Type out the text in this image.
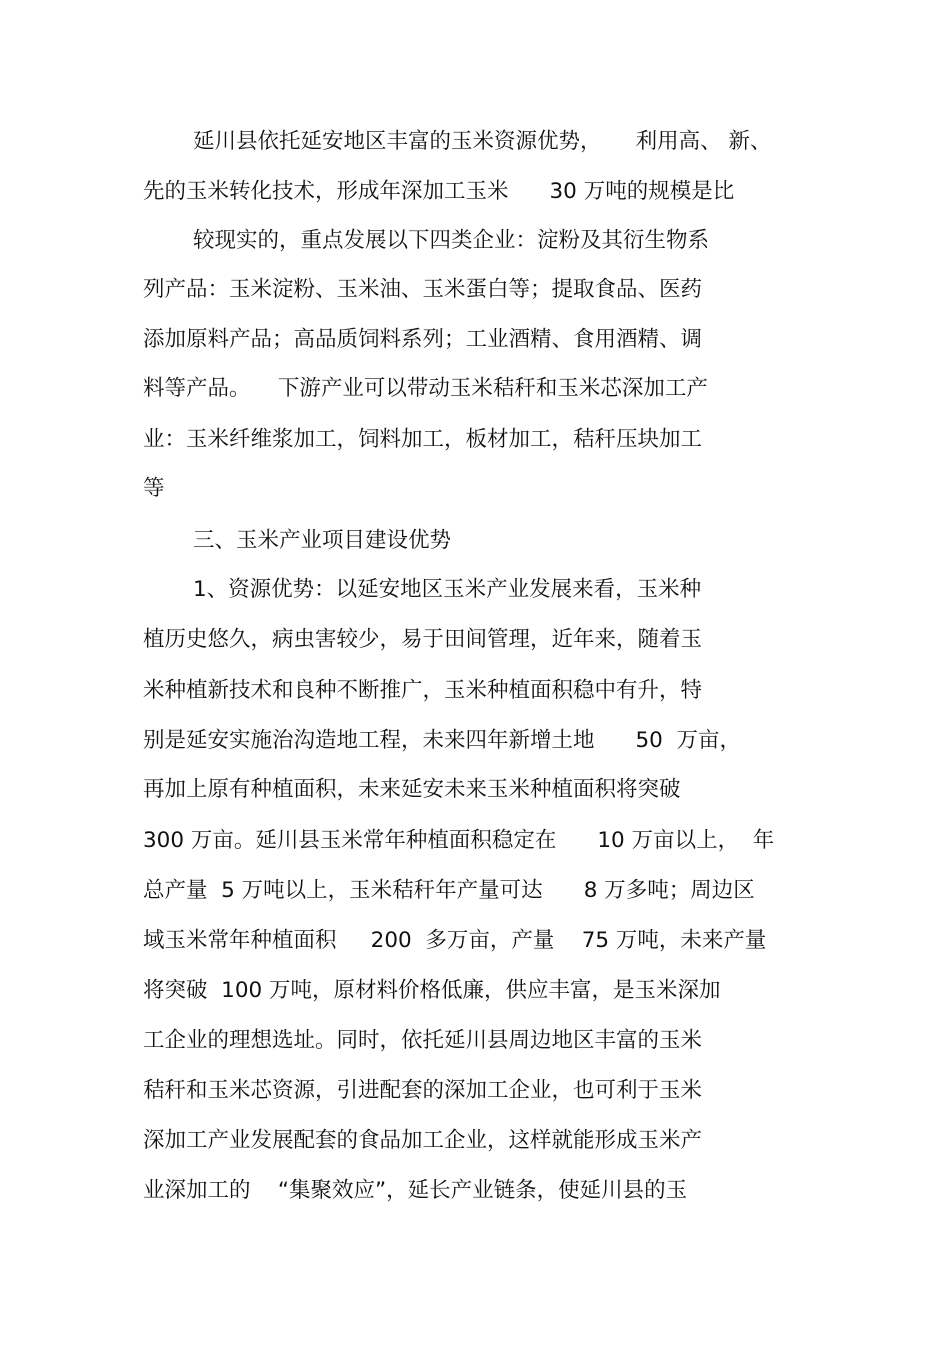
延川县依托延安地区丰富的玉米资源优势，     利用高、 新、
先的玉米转化技术，形成年深加工玉米      30 万吨的规模是比
较现实的，重点发展以下四类企业：淀粉及其衍生物系
列产品：玉米淀粉、玉米油、玉米蛋白等；提取食品、医药
添加原料产品；高品质饲料系列；工业酒精、食用酒精、调
料等产品。    下游产业可以带动玉米秸秆和玉米芯深加工产
业：玉米纤维浆加工，饲料加工，板材加工，秸秆压块加工
等
三、玉米产业项目建设优势
1、资源优势：以延安地区玉米产业发展来看，玉米种
植历史悠久，病虫害较少，易于田间管理，近年来，随着玉
米种植新技术和良种不断推广，玉米种植面积稳中有升，特
别是延安实施治沟造地工程，未来四年新增土地      50  万亩，
再加上原有种植面积，未来延安未来玉米种植面积将突破
300 万亩。延川县玉米常年种植面积稳定在      10 万亩以上，  年
总产量  5 万吨以上，玉米秸秆年产量可达      8 万多吨；周边区
域玉米常年种植面积     200  多万亩，产量    75 万吨，未来产量
将突破  100 万吨，原材料价格低廉，供应丰富，是玉米深加
工企业的理想选址。同时，依托延川县周边地区丰富的玉米
秸秆和玉米芯资源，引进配套的深加工企业，也可利于玉米
深加工产业发展配套的食品加工企业，这样就能形成玉米产
业深加工的    “集聚效应”，延长产业链条，使延川县的玉
